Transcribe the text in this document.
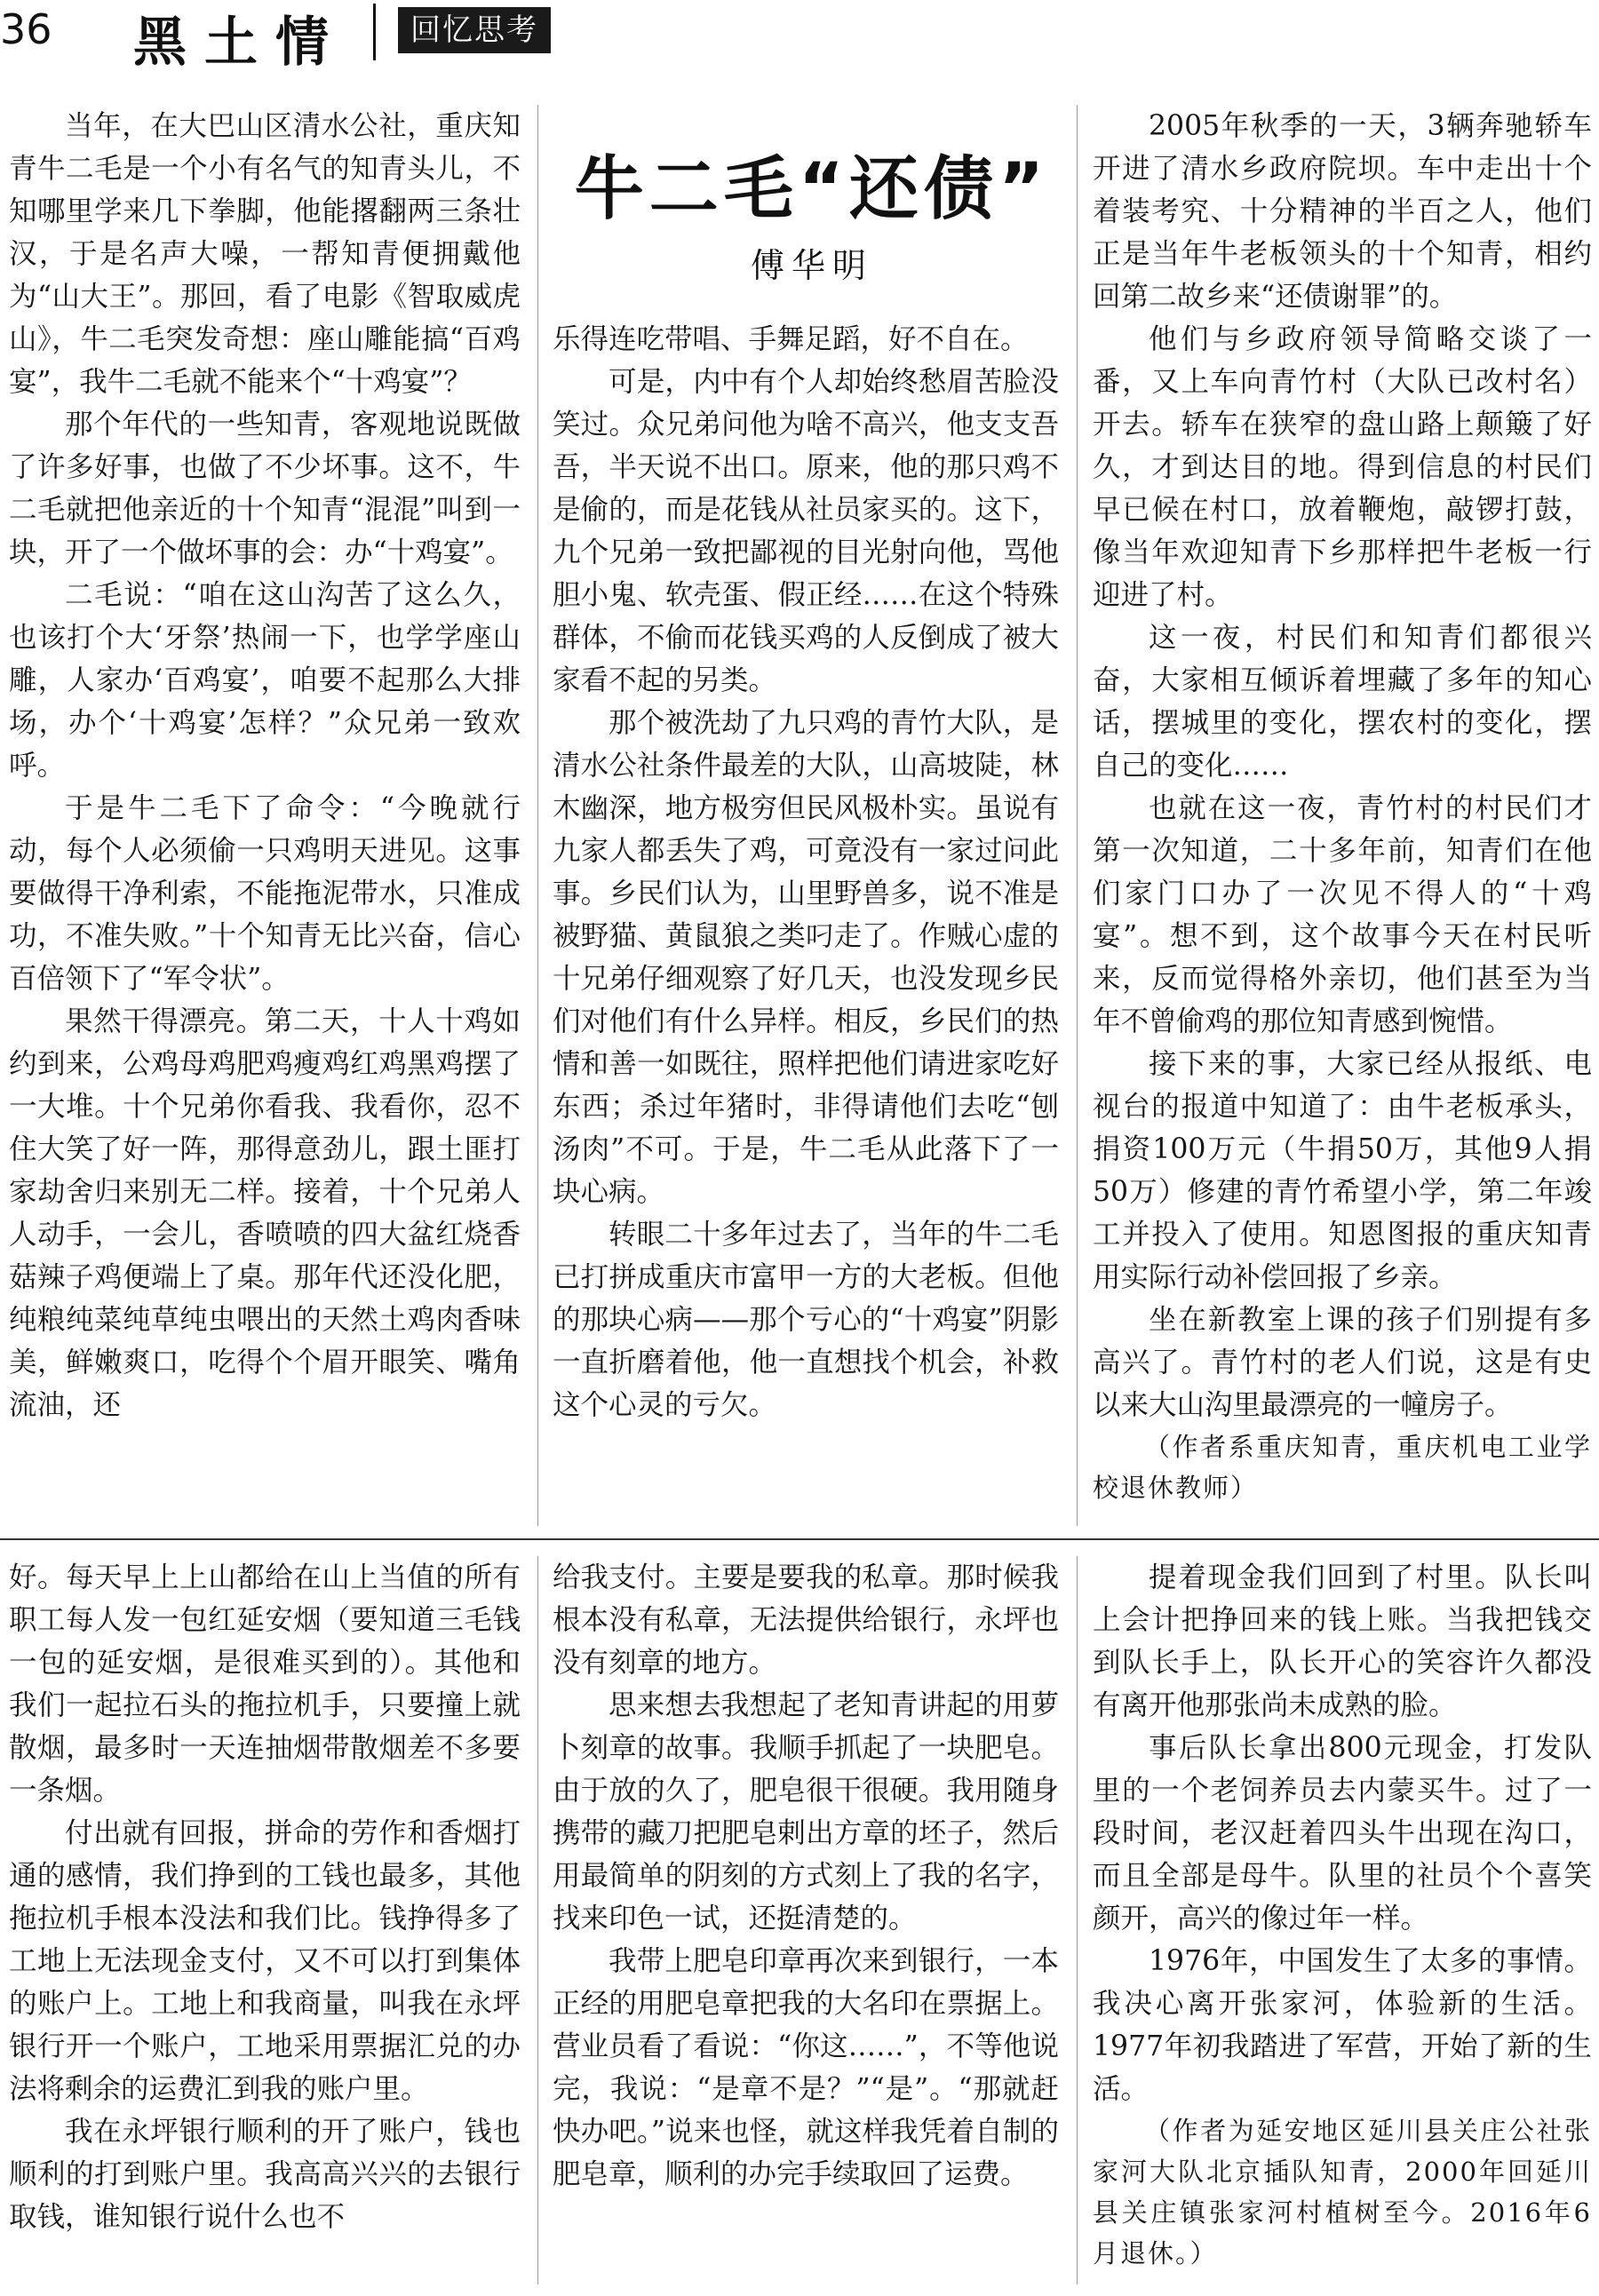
36 黑土情	回忆思考
牛二毛“还债”
傅华明

当年，在大巴山区清水公社，重庆知青牛二毛是一个小有名气的知青头儿，不知哪里学来几下拳脚，他能撂翻两三条壮汉，于是名声大噪，一帮知青便拥戴他为“山大王”。那回，看了电影《智取威虎山》，牛二毛突发奇想：座山雕能搞“百鸡宴”，我牛二毛就不能来个“十鸡宴”？

那个年代的一些知青，客观地说既做了许多好事，也做了不少坏事。这不，牛二毛就把他亲近的十个知青“混混”叫到一块，开了一个做坏事的会：办“十鸡宴”。

二毛说：“咱在这山沟苦了这么久，也该打个大‘牙祭’热闹一下，也学学座山雕，人家办‘百鸡宴’，咱要不起那么大排场，办个‘十鸡宴’怎样？”众兄弟一致欢呼。

于是牛二毛下了命令：“今晚就行动，每个人必须偷一只鸡明天进见。这事要做得干净利索，不能拖泥带水，只准成功，不准失败。”十个知青无比兴奋，信心百倍领下了“军令状”。

果然干得漂亮。第二天，十人十鸡如约到来，公鸡母鸡肥鸡瘦鸡红鸡黑鸡摆了一大堆。十个兄弟你看我、我看你，忍不住大笑了好一阵，那得意劲儿，跟土匪打家劫舍归来别无二样。接着，十个兄弟人人动手，一会儿，香喷喷的四大盆红烧香菇辣子鸡便端上了桌。那年代还没化肥，纯粮纯菜纯草纯虫喂出的天然土鸡肉香味美，鲜嫩爽口，吃得个个眉开眼笑、嘴角流油，还

乐得连吃带唱、手舞足蹈，好不自在。

可是，内中有个人却始终愁眉苦脸没笑过。众兄弟问他为啥不高兴，他支支吾吾，半天说不出口。原来，他的那只鸡不是偷的，而是花钱从社员家买的。这下，九个兄弟一致把鄙视的目光射向他，骂他胆小鬼、软壳蛋、假正经……在这个特殊群体，不偷而花钱买鸡的人反倒成了被大家看不起的另类。

那个被洗劫了九只鸡的青竹大队，是清水公社条件最差的大队，山高坡陡，林木幽深，地方极穷但民风极朴实。虽说有九家人都丢失了鸡，可竟没有一家过问此事。乡民们认为，山里野兽多，说不准是被野猫、黄鼠狼之类叼走了。作贼心虚的十兄弟仔细观察了好几天，也没发现乡民们对他们有什么异样。相反，乡民们的热情和善一如既往，照样把他们请进家吃好东西；杀过年猪时，非得请他们去吃“刨汤肉”不可。于是，牛二毛从此落下了一块心病。

转眼二十多年过去了，当年的牛二毛已打拼成重庆市富甲一方的大老板。但他的那块心病——那个亏心的“十鸡宴”阴影一直折磨着他，他一直想找个机会，补救这个心灵的亏欠。

2005年秋季的一天，3辆奔驰轿车开进了清水乡政府院坝。车中走出十个着装考究、十分精神的半百之人，他们正是当年牛老板领头的十个知青，相约回第二故乡来“还债谢罪”的。

他们与乡政府领导简略交谈了一番，又上车向青竹村（大队已改村名）开去。轿车在狭窄的盘山路上颠簸了好久，才到达目的地。得到信息的村民们早已候在村口，放着鞭炮，敲锣打鼓，像当年欢迎知青下乡那样把牛老板一行迎进了村。

这一夜，村民们和知青们都很兴奋，大家相互倾诉着埋藏了多年的知心话，摆城里的变化，摆农村的变化，摆自己的变化……

也就在这一夜，青竹村的村民们才第一次知道，二十多年前，知青们在他们家门口办了一次见不得人的“十鸡宴”。想不到，这个故事今天在村民听来，反而觉得格外亲切，他们甚至为当年不曾偷鸡的那位知青感到惋惜。

接下来的事，大家已经从报纸、电视台的报道中知道了：由牛老板承头，捐资100万元（牛捐50万，其他9人捐50万）修建的青竹希望小学，第二年竣工并投入了使用。知恩图报的重庆知青用实际行动补偿回报了乡亲。

坐在新教室上课的孩子们别提有多高兴了。青竹村的老人们说，这是有史以来大山沟里最漂亮的一幢房子。

（作者系重庆知青，重庆机电工业学校退休教师）

好。每天早上上山都给在山上当值的所有职工每人发一包红延安烟（要知道三毛钱一包的延安烟，是很难买到的）。其他和我们一起拉石头的拖拉机手，只要撞上就散烟，最多时一天连抽烟带散烟差不多要一条烟。

付出就有回报，拼命的劳作和香烟打通的感情，我们挣到的工钱也最多，其他拖拉机手根本没法和我们比。钱挣得多了工地上无法现金支付，又不可以打到集体的账户上。工地上和我商量，叫我在永坪银行开一个账户，工地采用票据汇兑的办法将剩余的运费汇到我的账户里。

我在永坪银行顺利的开了账户，钱也顺利的打到账户里。我高高兴兴的去银行取钱，谁知银行说什么也不

给我支付。主要是要我的私章。那时候我根本没有私章，无法提供给银行，永坪也没有刻章的地方。

思来想去我想起了老知青讲起的用萝卜刻章的故事。我顺手抓起了一块肥皂。由于放的久了，肥皂很干很硬。我用随身携带的藏刀把肥皂剌出方章的坯子，然后用最简单的阴刻的方式刻上了我的名字，找来印色一试，还挺清楚的。

我带上肥皂印章再次来到银行，一本正经的用肥皂章把我的大名印在票据上。营业员看了看说：“你这……”，不等他说完，我说：“是章不是？”“是”。“那就赶快办吧。”说来也怪，就这样我凭着自制的肥皂章，顺利的办完手续取回了运费。

提着现金我们回到了村里。队长叫上会计把挣回来的钱上账。当我把钱交到队长手上，队长开心的笑容许久都没有离开他那张尚未成熟的脸。

事后队长拿出800元现金，打发队里的一个老饲养员去内蒙买牛。过了一段时间，老汉赶着四头牛出现在沟口，而且全部是母牛。队里的社员个个喜笑颜开，高兴的像过年一样。

1976年，中国发生了太多的事情。我决心离开张家河，体验新的生活。1977年初我踏进了军营，开始了新的生活。

（作者为延安地区延川县关庄公社张家河大队北京插队知青，2000年回延川县关庄镇张家河村植树至今。2016年6月退休。）
